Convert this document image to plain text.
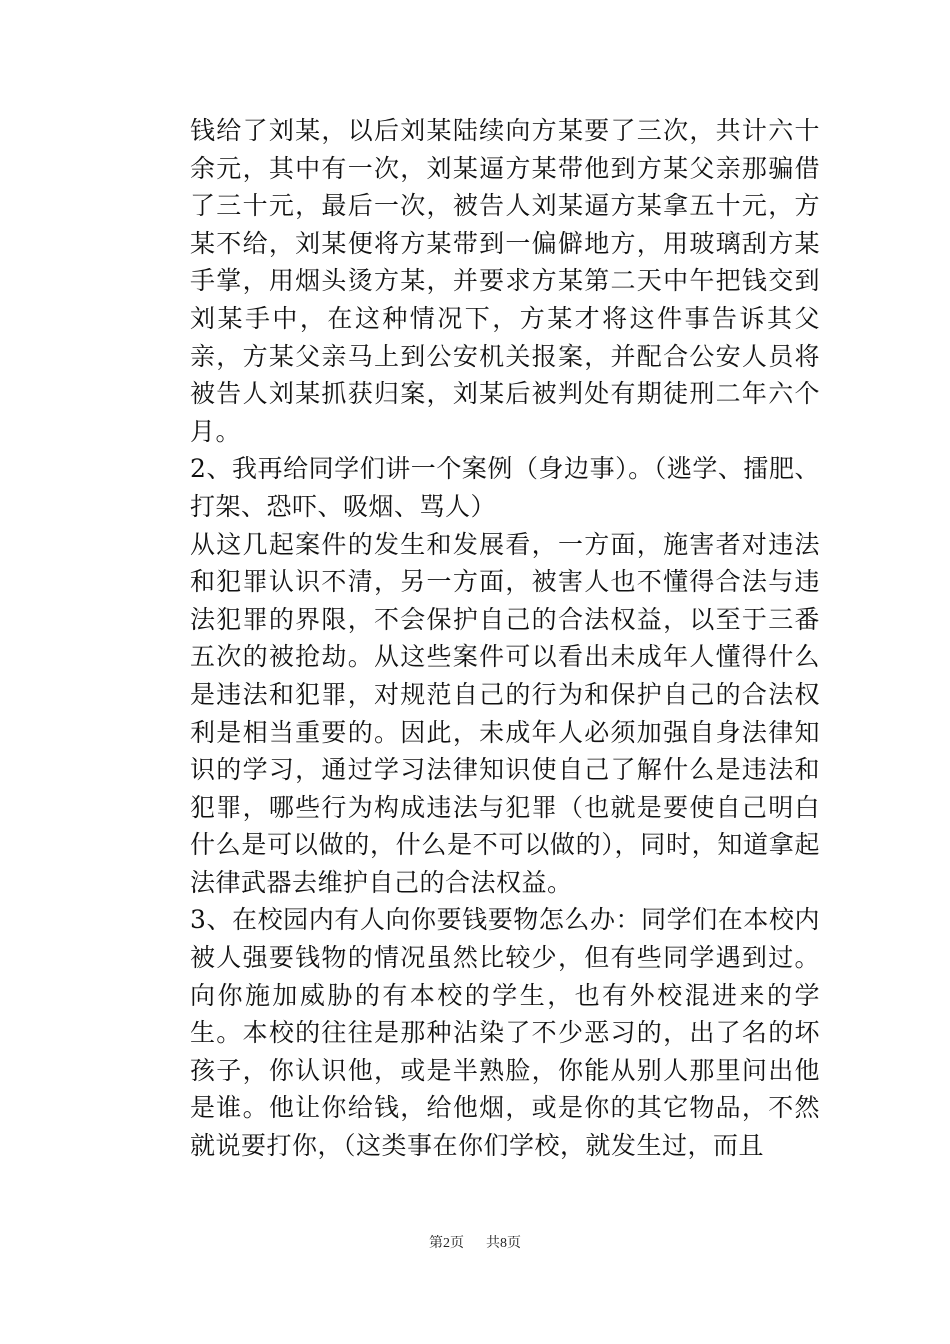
钱给了刘某，以后刘某陆续向方某要了三次，共计六十余元，其中有一次，刘某逼方某带他到方某父亲那骗借了三十元，最后一次，被告人刘某逼方某拿五十元，方某不给，刘某便将方某带到一偏僻地方，用玻璃刮方某手掌，用烟头烫方某，并要求方某第二天中午把钱交到刘某手中，在这种情况下，方某才将这件事告诉其父亲，方某父亲马上到公安机关报案，并配合公安人员将被告人刘某抓获归案，刘某后被判处有期徒刑二年六个月。

2、我再给同学们讲一个案例（身边事）。（逃学、擂肥、打架、恐吓、吸烟、骂人）

从这几起案件的发生和发展看，一方面，施害者对违法和犯罪认识不清，另一方面，被害人也不懂得合法与违法犯罪的界限，不会保护自己的合法权益，以至于三番五次的被抢劫。从这些案件可以看出未成年人懂得什么是违法和犯罪，对规范自己的行为和保护自己的合法权利是相当重要的。因此，未成年人必须加强自身法律知识的学习，通过学习法律知识使自己了解什么是违法和犯罪，哪些行为构成违法与犯罪（也就是要使自己明白什么是可以做的，什么是不可以做的），同时，知道拿起法律武器去维护自己的合法权益。

3、在校园内有人向你要钱要物怎么办：同学们在本校内被人强要钱物的情况虽然比较少，但有些同学遇到过。向你施加威胁的有本校的学生，也有外校混进来的学生。本校的往往是那种沾染了不少恶习的，出了名的坏孩子，你认识他，或是半熟脸，你能从别人那里问出他是谁。他让你给钱，给他烟，或是你的其它物品，不然就说要打你，（这类事在你们学校，就发生过，而且

第2页 共8页
